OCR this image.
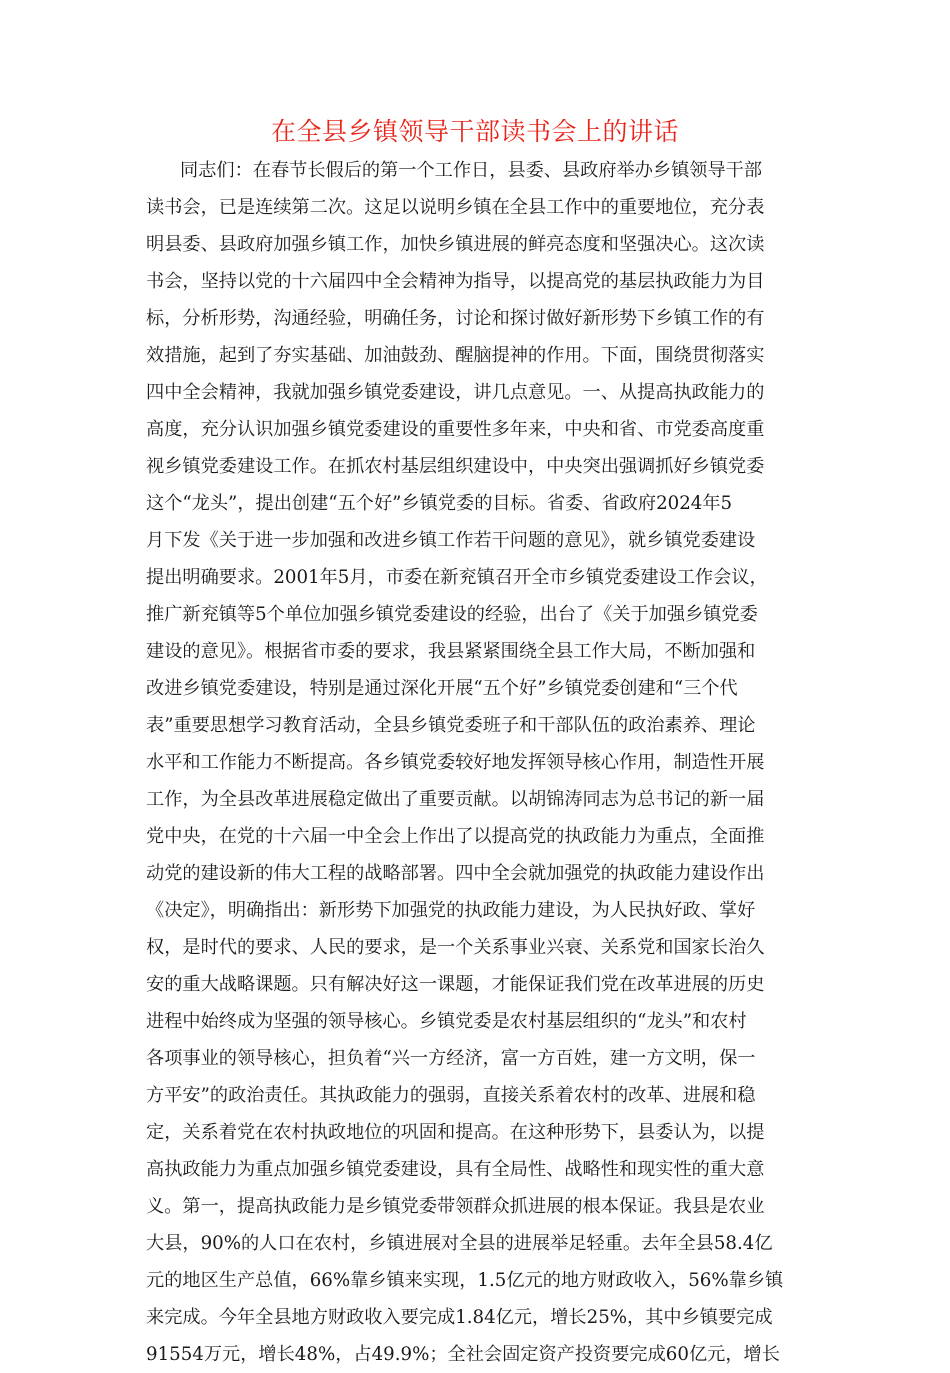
在全县乡镇领导干部读书会上的讲话
同志们：在春节长假后的第一个工作日，县委、县政府举办乡镇领导干部
读书会，已是连续第二次。这足以说明乡镇在全县工作中的重要地位，充分表
明县委、县政府加强乡镇工作，加快乡镇进展的鲜亮态度和坚强决心。这次读
书会，坚持以党的十六届四中全会精神为指导，以提高党的基层执政能力为目
标，分析形势，沟通经验，明确任务，讨论和探讨做好新形势下乡镇工作的有
效措施，起到了夯实基础、加油鼓劲、醒脑提神的作用。下面，围绕贯彻落实
四中全会精神，我就加强乡镇党委建设，讲几点意见。一、从提高执政能力的
高度，充分认识加强乡镇党委建设的重要性多年来，中央和省、市党委高度重
视乡镇党委建设工作。在抓农村基层组织建设中，中央突出强调抓好乡镇党委
这个“龙头”，提出创建“五个好”乡镇党委的目标。省委、省政府2024年5
月下发《关于进一步加强和改进乡镇工作若干问题的意见》，就乡镇党委建设
提出明确要求。2001年5月，市委在新兖镇召开全市乡镇党委建设工作会议，
推广新兖镇等5个单位加强乡镇党委建设的经验，出台了《关于加强乡镇党委
建设的意见》。根据省市委的要求，我县紧紧围绕全县工作大局，不断加强和
改进乡镇党委建设，特别是通过深化开展“五个好”乡镇党委创建和“三个代
表”重要思想学习教育活动，全县乡镇党委班子和干部队伍的政治素养、理论
水平和工作能力不断提高。各乡镇党委较好地发挥领导核心作用，制造性开展
工作，为全县改革进展稳定做出了重要贡献。以胡锦涛同志为总书记的新一届
党中央，在党的十六届一中全会上作出了以提高党的执政能力为重点，全面推
动党的建设新的伟大工程的战略部署。四中全会就加强党的执政能力建设作出
《决定》，明确指出：新形势下加强党的执政能力建设，为人民执好政、掌好
权，是时代的要求、人民的要求，是一个关系事业兴衰、关系党和国家长治久
安的重大战略课题。只有解决好这一课题，才能保证我们党在改革进展的历史
进程中始终成为坚强的领导核心。乡镇党委是农村基层组织的“龙头”和农村
各项事业的领导核心，担负着“兴一方经济，富一方百姓，建一方文明，保一
方平安”的政治责任。其执政能力的强弱，直接关系着农村的改革、进展和稳
定，关系着党在农村执政地位的巩固和提高。在这种形势下，县委认为，以提
高执政能力为重点加强乡镇党委建设，具有全局性、战略性和现实性的重大意
义。第一，提高执政能力是乡镇党委带领群众抓进展的根本保证。我县是农业
大县，90%的人口在农村，乡镇进展对全县的进展举足轻重。去年全县58.4亿
元的地区生产总值，66%靠乡镇来实现，1.5亿元的地方财政收入，56%靠乡镇
来完成。今年全县地方财政收入要完成1.84亿元，增长25%，其中乡镇要完成
91554万元，增长48%，占49.9%；全社会固定资产投资要完成60亿元，增长
